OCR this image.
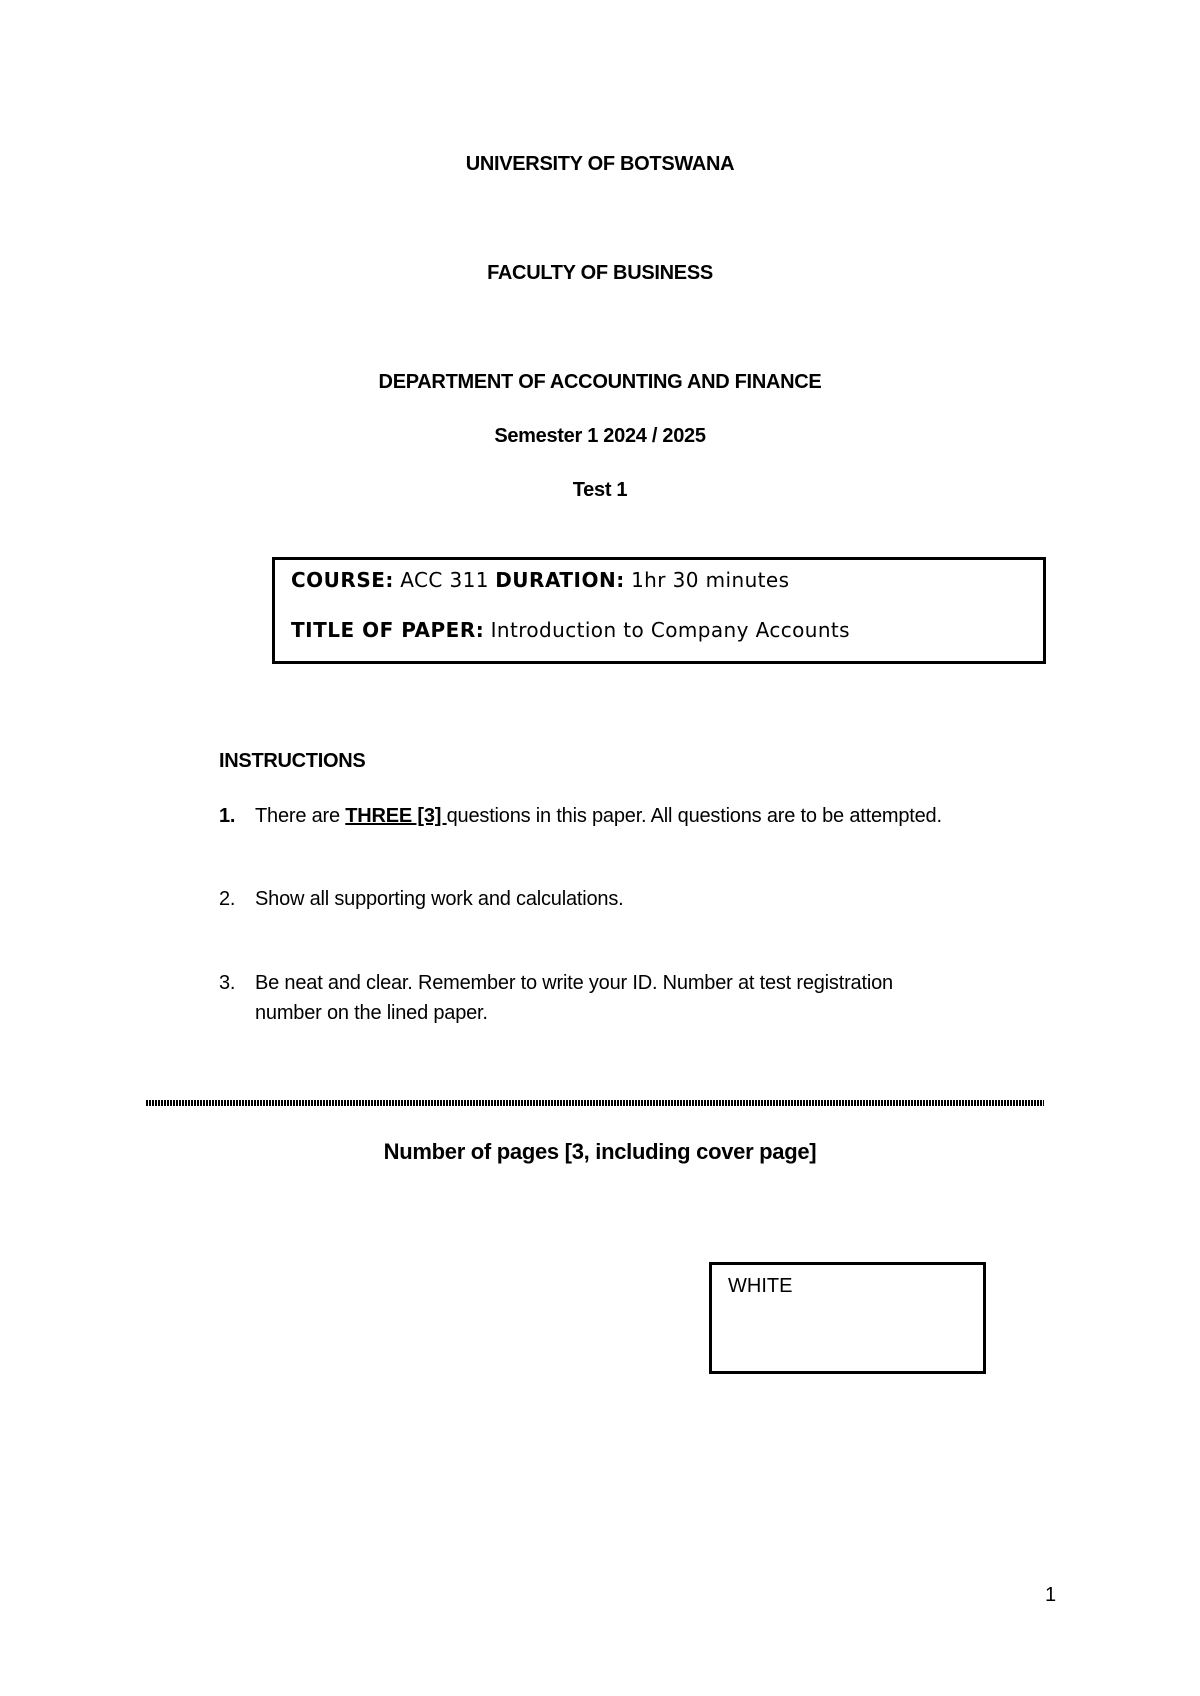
UNIVERSITY OF BOTSWANA
FACULTY OF BUSINESS
DEPARTMENT OF ACCOUNTING AND FINANCE
Semester 1 2024 / 2025
Test 1
COURSE: ACC 311 DURATION: 1hr 30 minutes
TITLE OF PAPER: Introduction to Company Accounts
INSTRUCTIONS
1. There are THREE [3] questions in this paper. All questions are to be attempted.
2. Show all supporting work and calculations.
3. Be neat and clear. Remember to write your ID. Number at test registration
number on the lined paper.
Number of pages [3, including cover page]
WHITE
1
